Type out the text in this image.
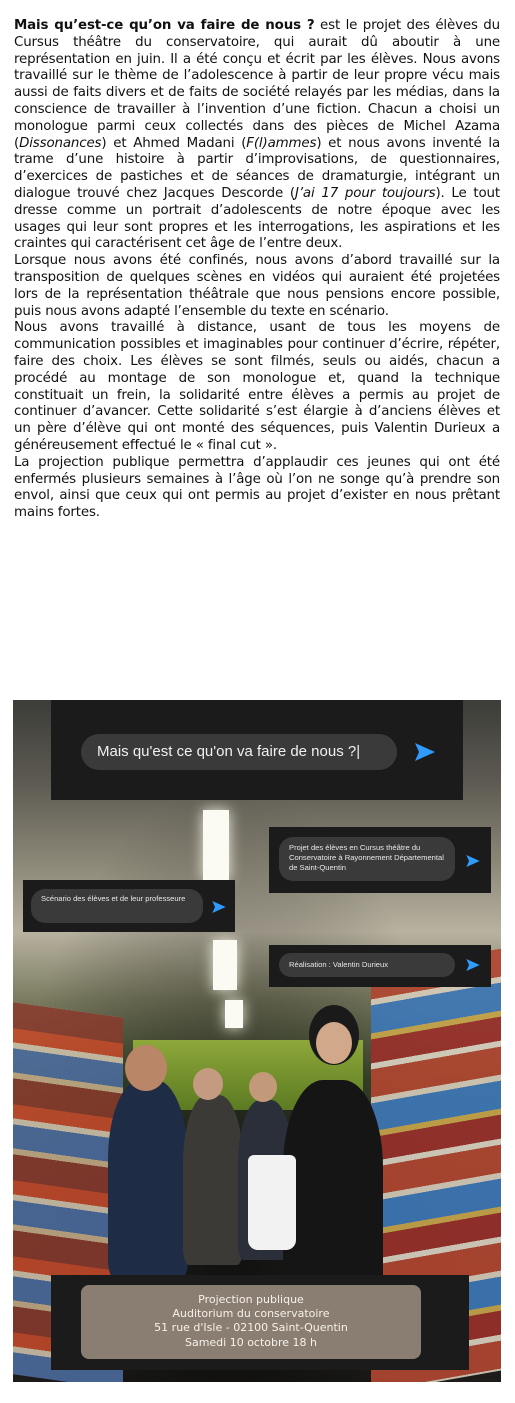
Mais qu’est-ce qu’on va faire de nous ? est le projet des élèves du Cursus théâtre du conservatoire, qui aurait dû aboutir à une représentation en juin. Il a été conçu et écrit par les élèves. Nous avons travaillé sur le thème de l’adolescence à partir de leur propre vécu mais aussi de faits divers et de faits de société relayés par les médias, dans la conscience de travailler à l’invention d’une fiction. Chacun a choisi un monologue parmi ceux collectés dans des pièces de Michel Azama (Dissonances) et Ahmed Madani (F(l)ammes) et nous avons inventé la trame d’une histoire à partir d’improvisations, de questionnaires, d’exercices de pastiches et de séances de dramaturgie, intégrant un dialogue trouvé chez Jacques Descorde (J’ai 17 pour toujours). Le tout dresse comme un portrait d’adolescents de notre époque avec les usages qui leur sont propres et les interrogations, les aspirations et les craintes qui caractérisent cet âge de l’entre deux.

Lorsque nous avons été confinés, nous avons d’abord travaillé sur la transposition de quelques scènes en vidéos qui auraient été projetées lors de la représentation théâtrale que nous pensions encore possible, puis nous avons adapté l’ensemble du texte en scénario.

Nous avons travaillé à distance, usant de tous les moyens de communication possibles et imaginables pour continuer d’écrire, répéter, faire des choix. Les élèves se sont filmés, seuls ou aidés, chacun a procédé au montage de son monologue et, quand la technique constituait un frein, la solidarité entre élèves a permis au projet de continuer d’avancer. Cette solidarité s’est élargie à d’anciens élèves et un père d’élève qui ont monté des séquences, puis Valentin Durieux a généreusement effectué le « final cut ».

La projection publique permettra d’applaudir ces jeunes qui ont été enfermés plusieurs semaines à l’âge où l’on ne songe qu’à prendre son envol, ainsi que ceux qui ont permis au projet d’exister en nous prêtant mains fortes.

Mais qu'est ce qu'on va faire de nous ?|
Projet des élèves en Cursus théâtre du Conservatoire à Rayonnement Départemental de Saint-Quentin
Scénario des élèves et de leur professeure
Réalisation : Valentin Durieux
Projection publique
Auditorium du conservatoire
51 rue d'Isle - 02100 Saint-Quentin
Samedi 10 octobre 18 h
